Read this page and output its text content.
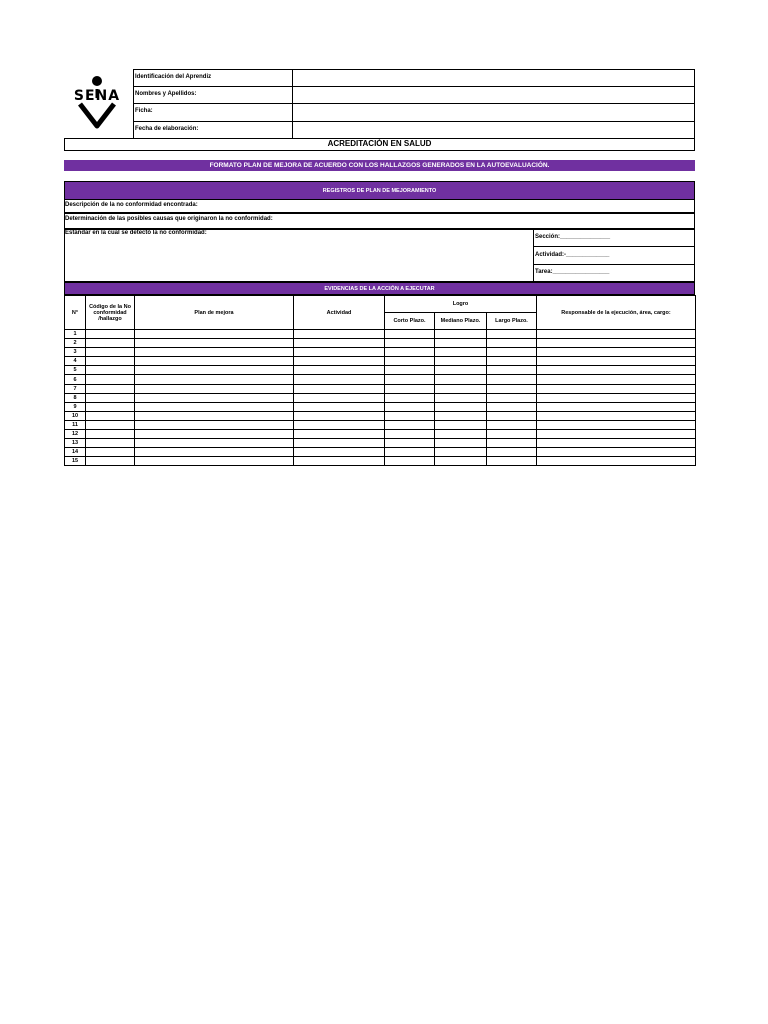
SENA
Identificación del Aprendiz
Nombres y Apellidos:
Ficha:
Fecha de elaboración:
ACREDITACIÓN EN SALUD
FORMATO PLAN DE MEJORA DE ACUERDO CON LOS HALLAZGOS GENERADOS EN LA AUTOEVALUACIÓN.
REGISTROS DE PLAN DE MEJORAMIENTO
Descripción de la no conformidad encontrada:
Determinación de las posibles causas que originaron la no conformidad:
Estándar en la cual se detectó la no conformidad:
Sección:_______________
Actividad:-_____________
Tarea:_________________
EVIDENCIAS DE LA ACCIÓN A EJECUTAR
N°	Código de la No conformidad /hallazgo	Plan de mejora	Actividad	Logro			Responsable de la ejecución, área, cargo:
				Corto Plazo.	Mediano Plazo.	Largo Plazo.	
1							
2							
3							
4							
5							
6							
7							
8							
9							
10							
11							
12							
13							
14							
15							
